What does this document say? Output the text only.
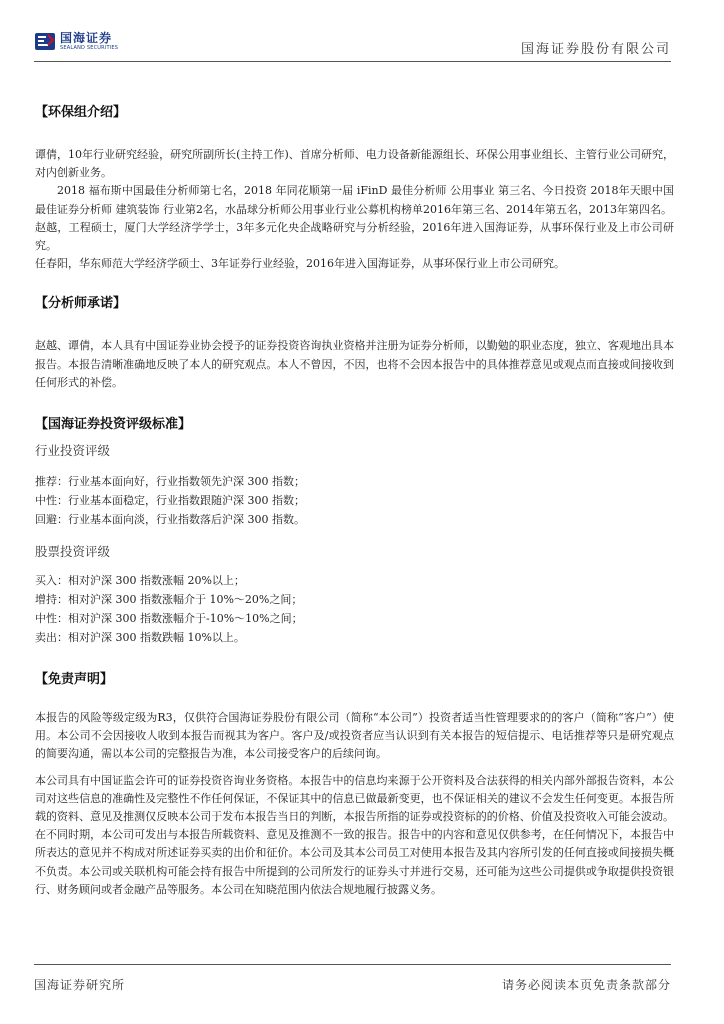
国海证券
SEALAND SECURITIES	国海证券股份有限公司
【环保组介绍】

谭倩，10年行业研究经验，研究所副所长(主持工作)、首席分析师、电力设备新能源组长、环保公用事业组长、主管行业公司研究，对内创新业务。

2018 福布斯中国最佳分析师第七名，2018 年同花顺第一届 iFinD 最佳分析师 公用事业 第三名、今日投资 2018年天眼中国最佳证券分析师 建筑装饰 行业第2名，水晶球分析师公用事业行业公募机构榜单2016年第三名、2014年第五名，2013年第四名。

赵越，工程硕士，厦门大学经济学学士，3年多元化央企战略研究与分析经验，2016年进入国海证券，从事环保行业及上市公司研究。

任春阳，华东师范大学经济学硕士、3年证券行业经验，2016年进入国海证券，从事环保行业上市公司研究。

【分析师承诺】

赵越、谭倩，本人具有中国证券业协会授予的证券投资咨询执业资格并注册为证券分析师，以勤勉的职业态度，独立、客观地出具本报告。本报告清晰准确地反映了本人的研究观点。本人不曾因，不因，也将不会因本报告中的具体推荐意见或观点而直接或间接收到任何形式的补偿。

【国海证券投资评级标准】
行业投资评级

推荐：行业基本面向好，行业指数领先沪深 300 指数；

中性：行业基本面稳定，行业指数跟随沪深 300 指数；

回避：行业基本面向淡，行业指数落后沪深 300 指数。

股票投资评级

买入：相对沪深 300 指数涨幅 20%以上；

增持：相对沪深 300 指数涨幅介于 10%～20%之间；

中性：相对沪深 300 指数涨幅介于-10%～10%之间；

卖出：相对沪深 300 指数跌幅 10%以上。

【免责声明】

本报告的风险等级定级为R3，仅供符合国海证券股份有限公司（简称“本公司”）投资者适当性管理要求的的客户（简称“客户”）使用。本公司不会因接收人收到本报告而视其为客户。客户及/或投资者应当认识到有关本报告的短信提示、电话推荐等只是研究观点的简要沟通，需以本公司的完整报告为准，本公司接受客户的后续问询。

本公司具有中国证监会许可的证券投资咨询业务资格。本报告中的信息均来源于公开资料及合法获得的相关内部外部报告资料，本公司对这些信息的准确性及完整性不作任何保证，不保证其中的信息已做最新变更，也不保证相关的建议不会发生任何变更。本报告所载的资料、意见及推测仅反映本公司于发布本报告当日的判断，本报告所指的证券或投资标的的价格、价值及投资收入可能会波动。在不同时期，本公司可发出与本报告所载资料、意见及推测不一致的报告。报告中的内容和意见仅供参考，在任何情况下，本报告中所表达的意见并不构成对所述证券买卖的出价和征价。本公司及其本公司员工对使用本报告及其内容所引发的任何直接或间接损失概不负责。本公司或关联机构可能会持有报告中所提到的公司所发行的证券头寸并进行交易，还可能为这些公司提供或争取提供投资银行、财务顾问或者金融产品等服务。本公司在知晓范围内依法合规地履行披露义务。

国海证券研究所	请务必阅读本页免责条款部分
